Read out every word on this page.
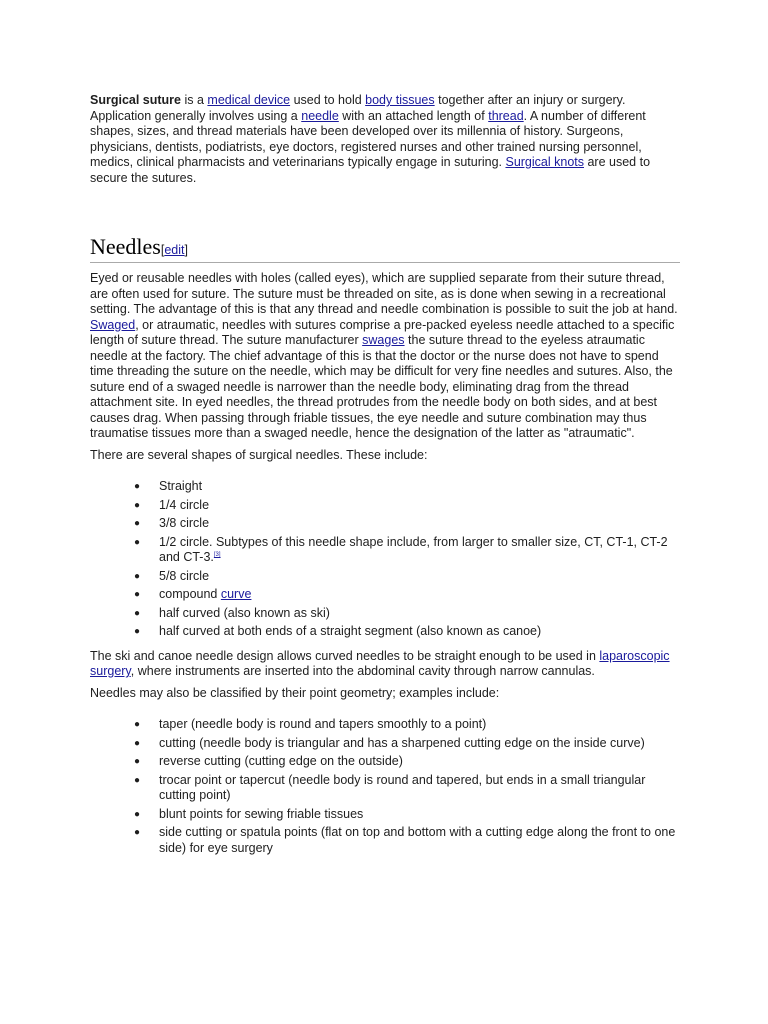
Surgical suture is a medical device used to hold body tissues together after an injury or surgery. Application generally involves using a needle with an attached length of thread. A number of different shapes, sizes, and thread materials have been developed over its millennia of history. Surgeons, physicians, dentists, podiatrists, eye doctors, registered nurses and other trained nursing personnel, medics, clinical pharmacists and veterinarians typically engage in suturing. Surgical knots are used to secure the sutures.

Needles[edit]

Eyed or reusable needles with holes (called eyes), which are supplied separate from their suture thread, are often used for suture. The suture must be threaded on site, as is done when sewing in a recreational setting. The advantage of this is that any thread and needle combination is possible to suit the job at hand. Swaged, or atraumatic, needles with sutures comprise a pre-packed eyeless needle attached to a specific length of suture thread. The suture manufacturer swages the suture thread to the eyeless atraumatic needle at the factory. The chief advantage of this is that the doctor or the nurse does not have to spend time threading the suture on the needle, which may be difficult for very fine needles and sutures. Also, the suture end of a swaged needle is narrower than the needle body, eliminating drag from the thread attachment site. In eyed needles, the thread protrudes from the needle body on both sides, and at best causes drag. When passing through friable tissues, the eye needle and suture combination may thus traumatise tissues more than a swaged needle, hence the designation of the latter as "atraumatic".

There are several shapes of surgical needles. These include:

● Straight
● 1/4 circle
● 3/8 circle
● 1/2 circle. Subtypes of this needle shape include, from larger to smaller size, CT, CT-1, CT-2 and CT-3.[3]
● 5/8 circle
● compound curve
● half curved (also known as ski)
● half curved at both ends of a straight segment (also known as canoe)

The ski and canoe needle design allows curved needles to be straight enough to be used in laparoscopic surgery, where instruments are inserted into the abdominal cavity through narrow cannulas.

Needles may also be classified by their point geometry; examples include:

● taper (needle body is round and tapers smoothly to a point)
● cutting (needle body is triangular and has a sharpened cutting edge on the inside curve)
● reverse cutting (cutting edge on the outside)
● trocar point or tapercut (needle body is round and tapered, but ends in a small triangular cutting point)
● blunt points for sewing friable tissues
● side cutting or spatula points (flat on top and bottom with a cutting edge along the front to one side) for eye surgery
